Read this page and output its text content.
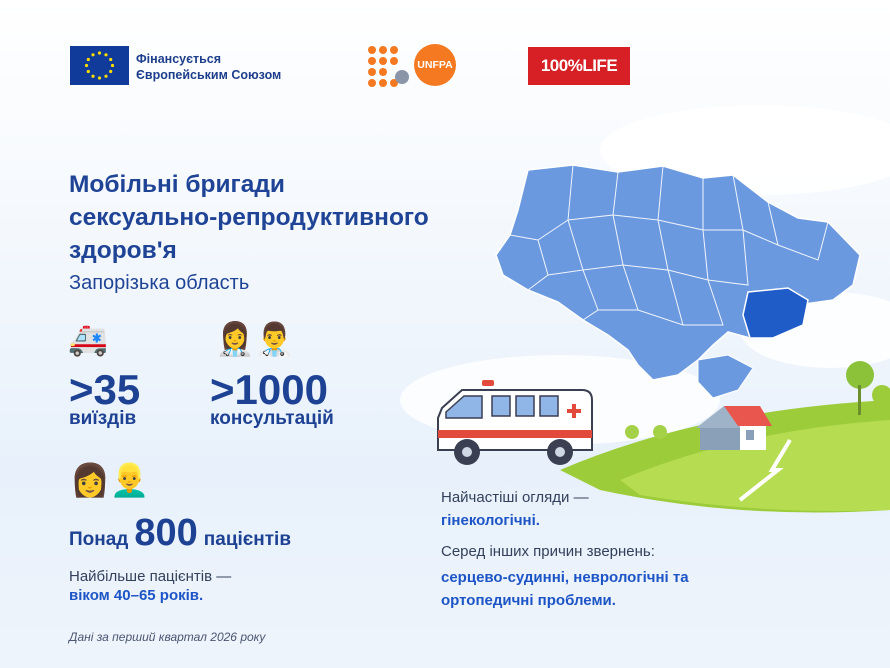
Фінансується
Європейським Союзом
UNFPA	100%LIFE
Мобільні бригади
сексуально-репродуктивного
здоров'я
Запорізька область
🚑
>35
виїздів
👩‍⚕️👨‍⚕️
>1000
консультацій
👩👱‍♂️
Понад 800 пацієнтів
Найбільше пацієнтів —
віком 40–65 років.
Найчастіші огляди —
гінекологічні.
Серед інших причин звернень:
серцево-судинні, неврологічні та ортопедичні проблеми.
Дані за перший квартал 2026 року
